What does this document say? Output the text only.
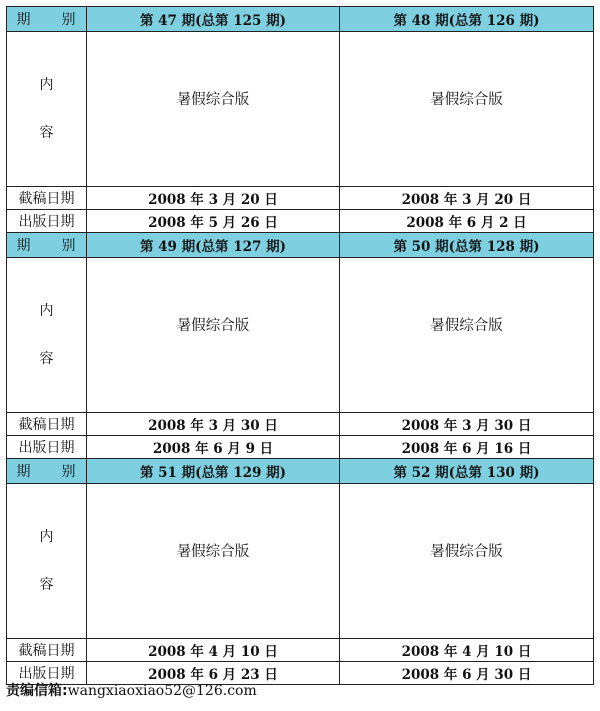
期 别	第 47 期(总第 125 期)	第 48 期(总第 126 期)

内
容	暑假综合版	暑假综合版
截稿日期	2008 年 3 月 20 日	2008 年 3 月 20 日
出版日期	2008 年 5 月 26 日	2008 年 6 月 2 日
期 别	第 49 期(总第 127 期)	第 50 期(总第 128 期)

内
容	暑假综合版	暑假综合版
截稿日期	2008 年 3 月 30 日	2008 年 3 月 30 日
出版日期	2008 年 6 月 9 日	2008 年 6 月 16 日
期 别	第 51 期(总第 129 期)	第 52 期(总第 130 期)

内
容	暑假综合版	暑假综合版
截稿日期	2008 年 4 月 10 日	2008 年 4 月 10 日
出版日期	2008 年 6 月 23 日	2008 年 6 月 30 日
责编信箱:wangxiaoxiao52@126.com
